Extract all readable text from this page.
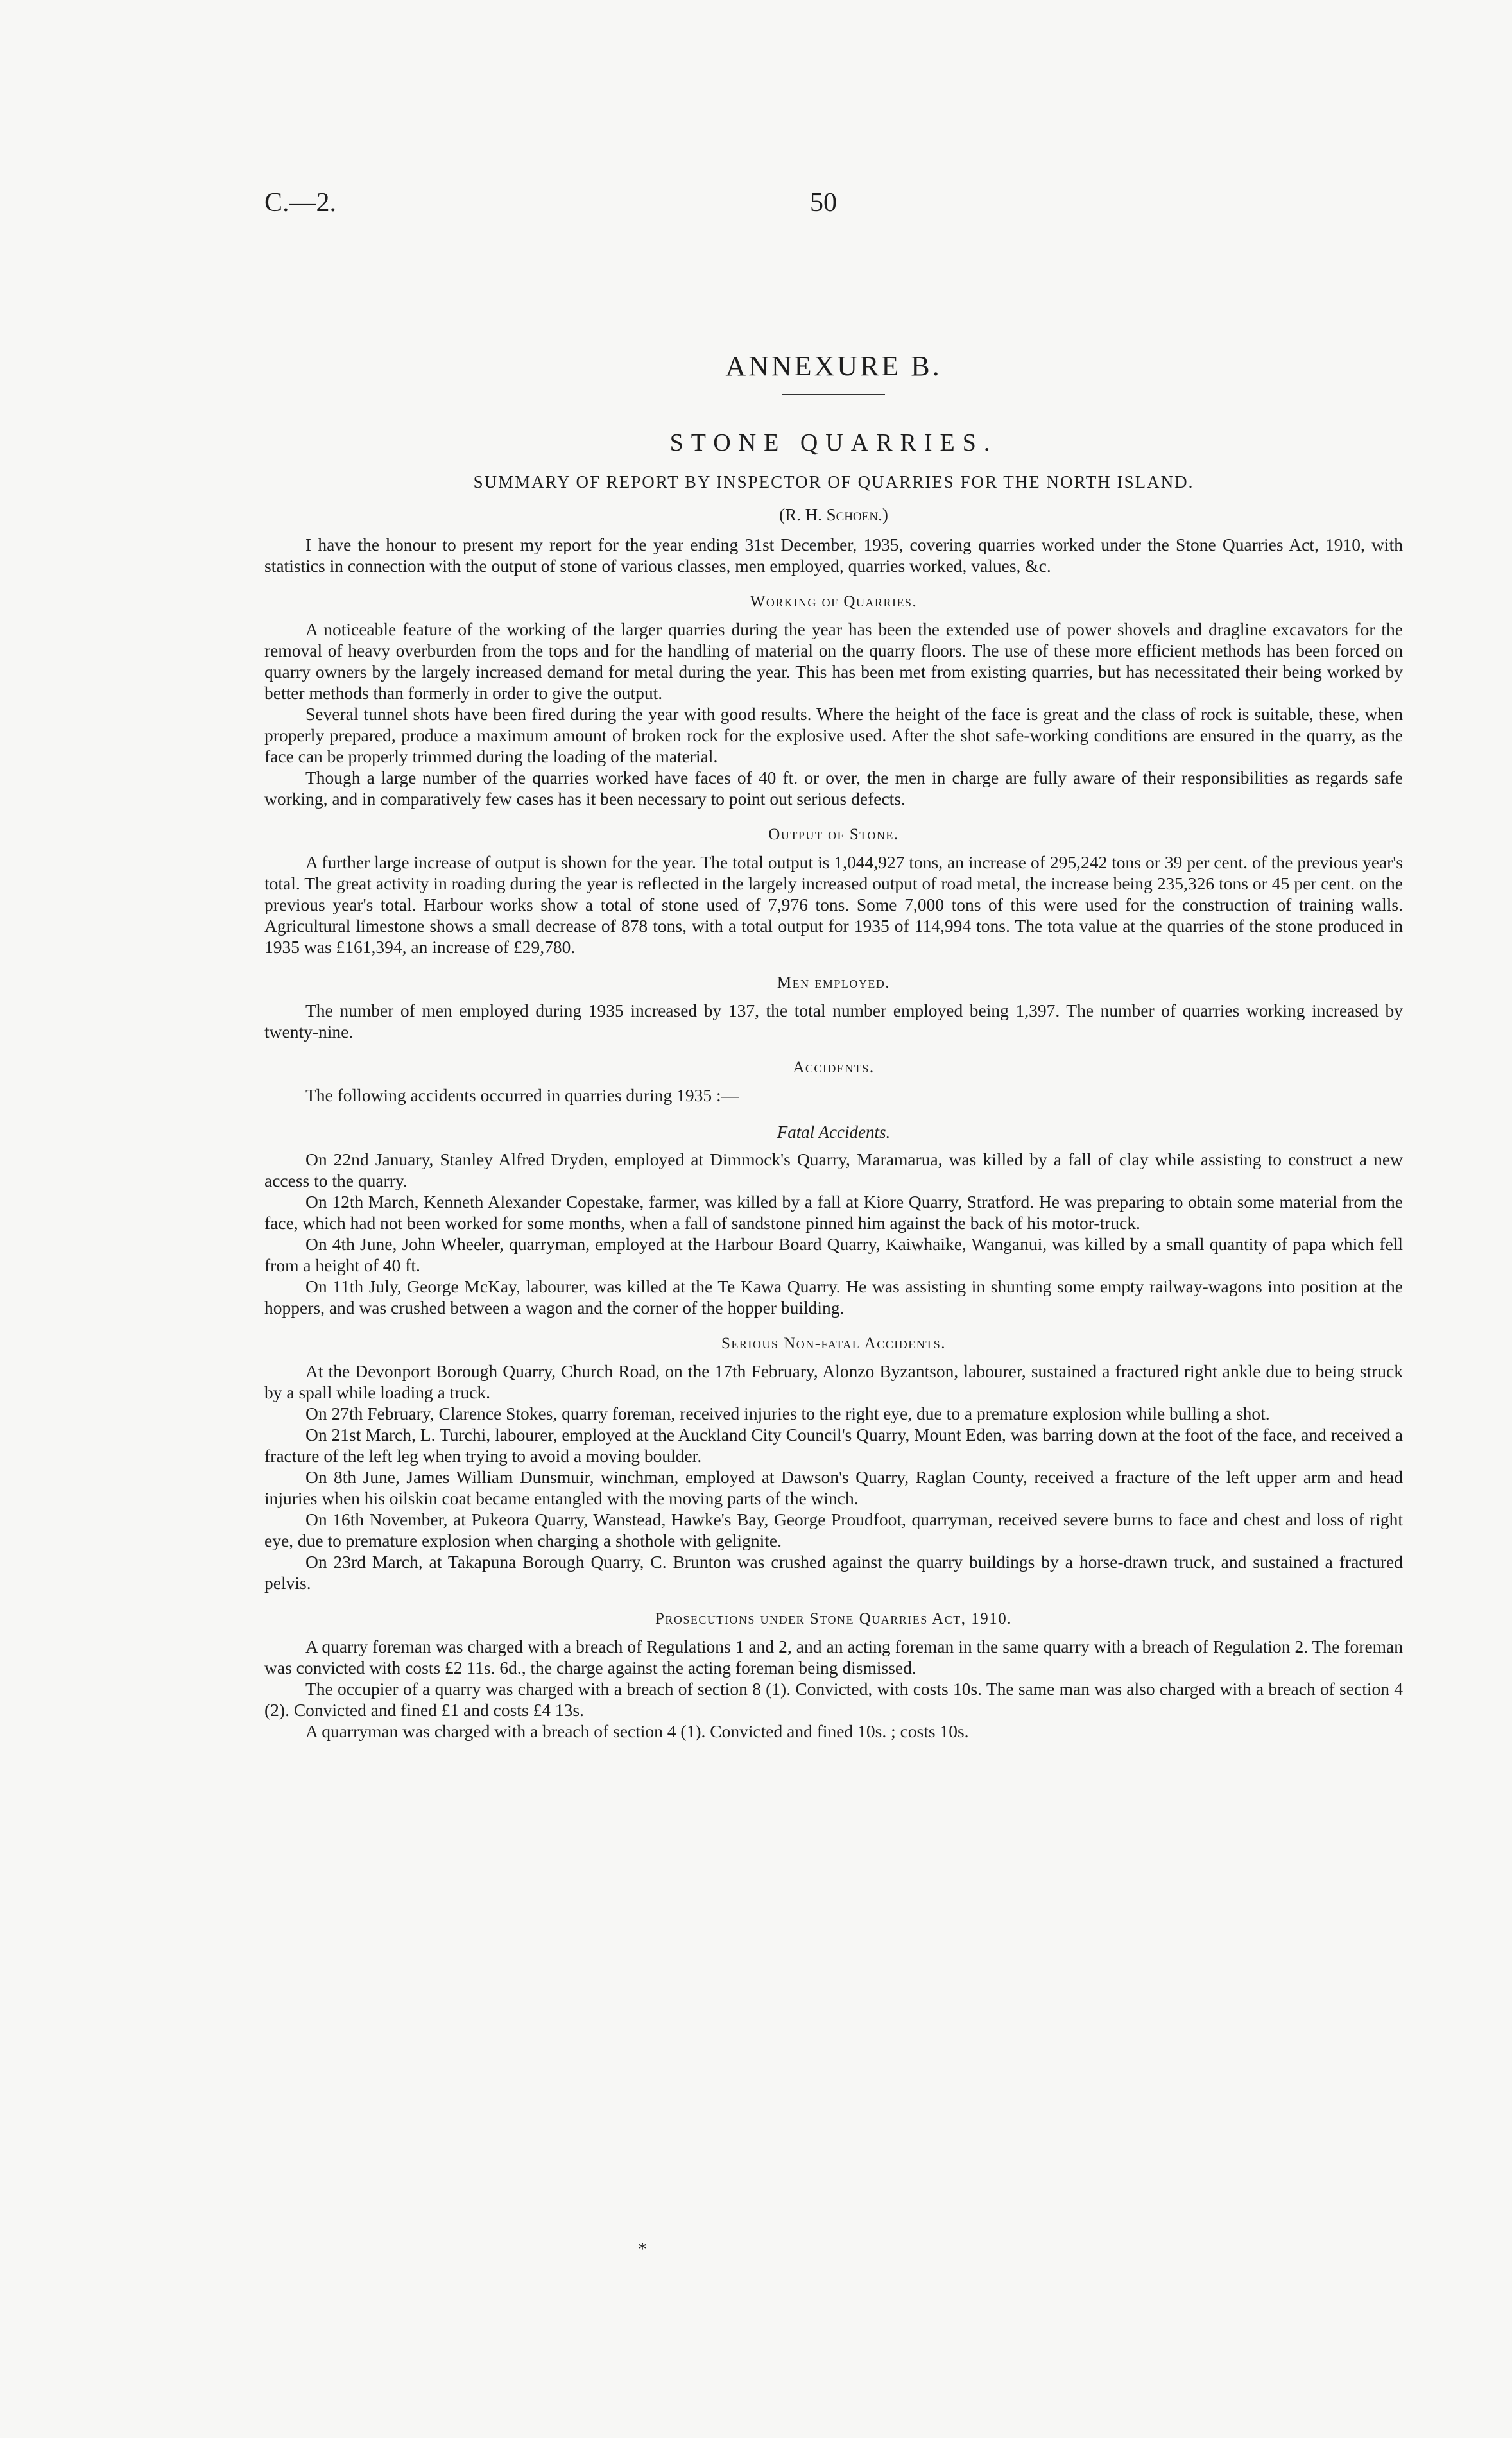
C.—2.	50
ANNEXURE B.
STONE QUARRIES.
SUMMARY OF REPORT BY INSPECTOR OF QUARRIES FOR THE NORTH ISLAND.
(R. H. Schoen.)

I have the honour to present my report for the year ending 31st December, 1935, covering quarries worked under the Stone Quarries Act, 1910, with statistics in connection with the output of stone of various classes, men employed, quarries worked, values, &c.

Working of Quarries.

A noticeable feature of the working of the larger quarries during the year has been the extended use of power shovels and dragline excavators for the removal of heavy overburden from the tops and for the handling of material on the quarry floors. The use of these more efficient methods has been forced on quarry owners by the largely increased demand for metal during the year. This has been met from existing quarries, but has necessitated their being worked by better methods than formerly in order to give the output.

Several tunnel shots have been fired during the year with good results. Where the height of the face is great and the class of rock is suitable, these, when properly prepared, produce a maximum amount of broken rock for the explosive used. After the shot safe-working conditions are ensured in the quarry, as the face can be properly trimmed during the loading of the material.

Though a large number of the quarries worked have faces of 40 ft. or over, the men in charge are fully aware of their responsibilities as regards safe working, and in comparatively few cases has it been necessary to point out serious defects.

Output of Stone.

A further large increase of output is shown for the year. The total output is 1,044,927 tons, an increase of 295,242 tons or 39 per cent. of the previous year's total. The great activity in roading during the year is reflected in the largely increased output of road metal, the increase being 235,326 tons or 45 per cent. on the previous year's total. Harbour works show a total of stone used of 7,976 tons. Some 7,000 tons of this were used for the construction of training walls. Agricultural limestone shows a small decrease of 878 tons, with a total output for 1935 of 114,994 tons. The tota value at the quarries of the stone produced in 1935 was £161,394, an increase of £29,780.

Men employed.

The number of men employed during 1935 increased by 137, the total number employed being 1,397. The number of quarries working increased by twenty-nine.

Accidents.

The following accidents occurred in quarries during 1935 :—

Fatal Accidents.

On 22nd January, Stanley Alfred Dryden, employed at Dimmock's Quarry, Maramarua, was killed by a fall of clay while assisting to construct a new access to the quarry.

On 12th March, Kenneth Alexander Copestake, farmer, was killed by a fall at Kiore Quarry, Stratford. He was preparing to obtain some material from the face, which had not been worked for some months, when a fall of sandstone pinned him against the back of his motor-truck.

On 4th June, John Wheeler, quarryman, employed at the Harbour Board Quarry, Kaiwhaike, Wanganui, was killed by a small quantity of papa which fell from a height of 40 ft.

On 11th July, George McKay, labourer, was killed at the Te Kawa Quarry. He was assisting in shunting some empty railway-wagons into position at the hoppers, and was crushed between a wagon and the corner of the hopper building.

Serious Non-fatal Accidents.

At the Devonport Borough Quarry, Church Road, on the 17th February, Alonzo Byzantson, labourer, sustained a fractured right ankle due to being struck by a spall while loading a truck.

On 27th February, Clarence Stokes, quarry foreman, received injuries to the right eye, due to a premature explosion while bulling a shot.

On 21st March, L. Turchi, labourer, employed at the Auckland City Council's Quarry, Mount Eden, was barring down at the foot of the face, and received a fracture of the left leg when trying to avoid a moving boulder.

On 8th June, James William Dunsmuir, winchman, employed at Dawson's Quarry, Raglan County, received a fracture of the left upper arm and head injuries when his oilskin coat became entangled with the moving parts of the winch.

On 16th November, at Pukeora Quarry, Wanstead, Hawke's Bay, George Proudfoot, quarryman, received severe burns to face and chest and loss of right eye, due to premature explosion when charging a shothole with gelignite.

On 23rd March, at Takapuna Borough Quarry, C. Brunton was crushed against the quarry buildings by a horse-drawn truck, and sustained a fractured pelvis.

Prosecutions under Stone Quarries Act, 1910.

A quarry foreman was charged with a breach of Regulations 1 and 2, and an acting foreman in the same quarry with a breach of Regulation 2. The foreman was convicted with costs £2 11s. 6d., the charge against the acting foreman being dismissed.

The occupier of a quarry was charged with a breach of section 8 (1). Convicted, with costs 10s. The same man was also charged with a breach of section 4 (2). Convicted and fined £1 and costs £4 13s.

A quarryman was charged with a breach of section 4 (1). Convicted and fined 10s. ; costs 10s.

*
